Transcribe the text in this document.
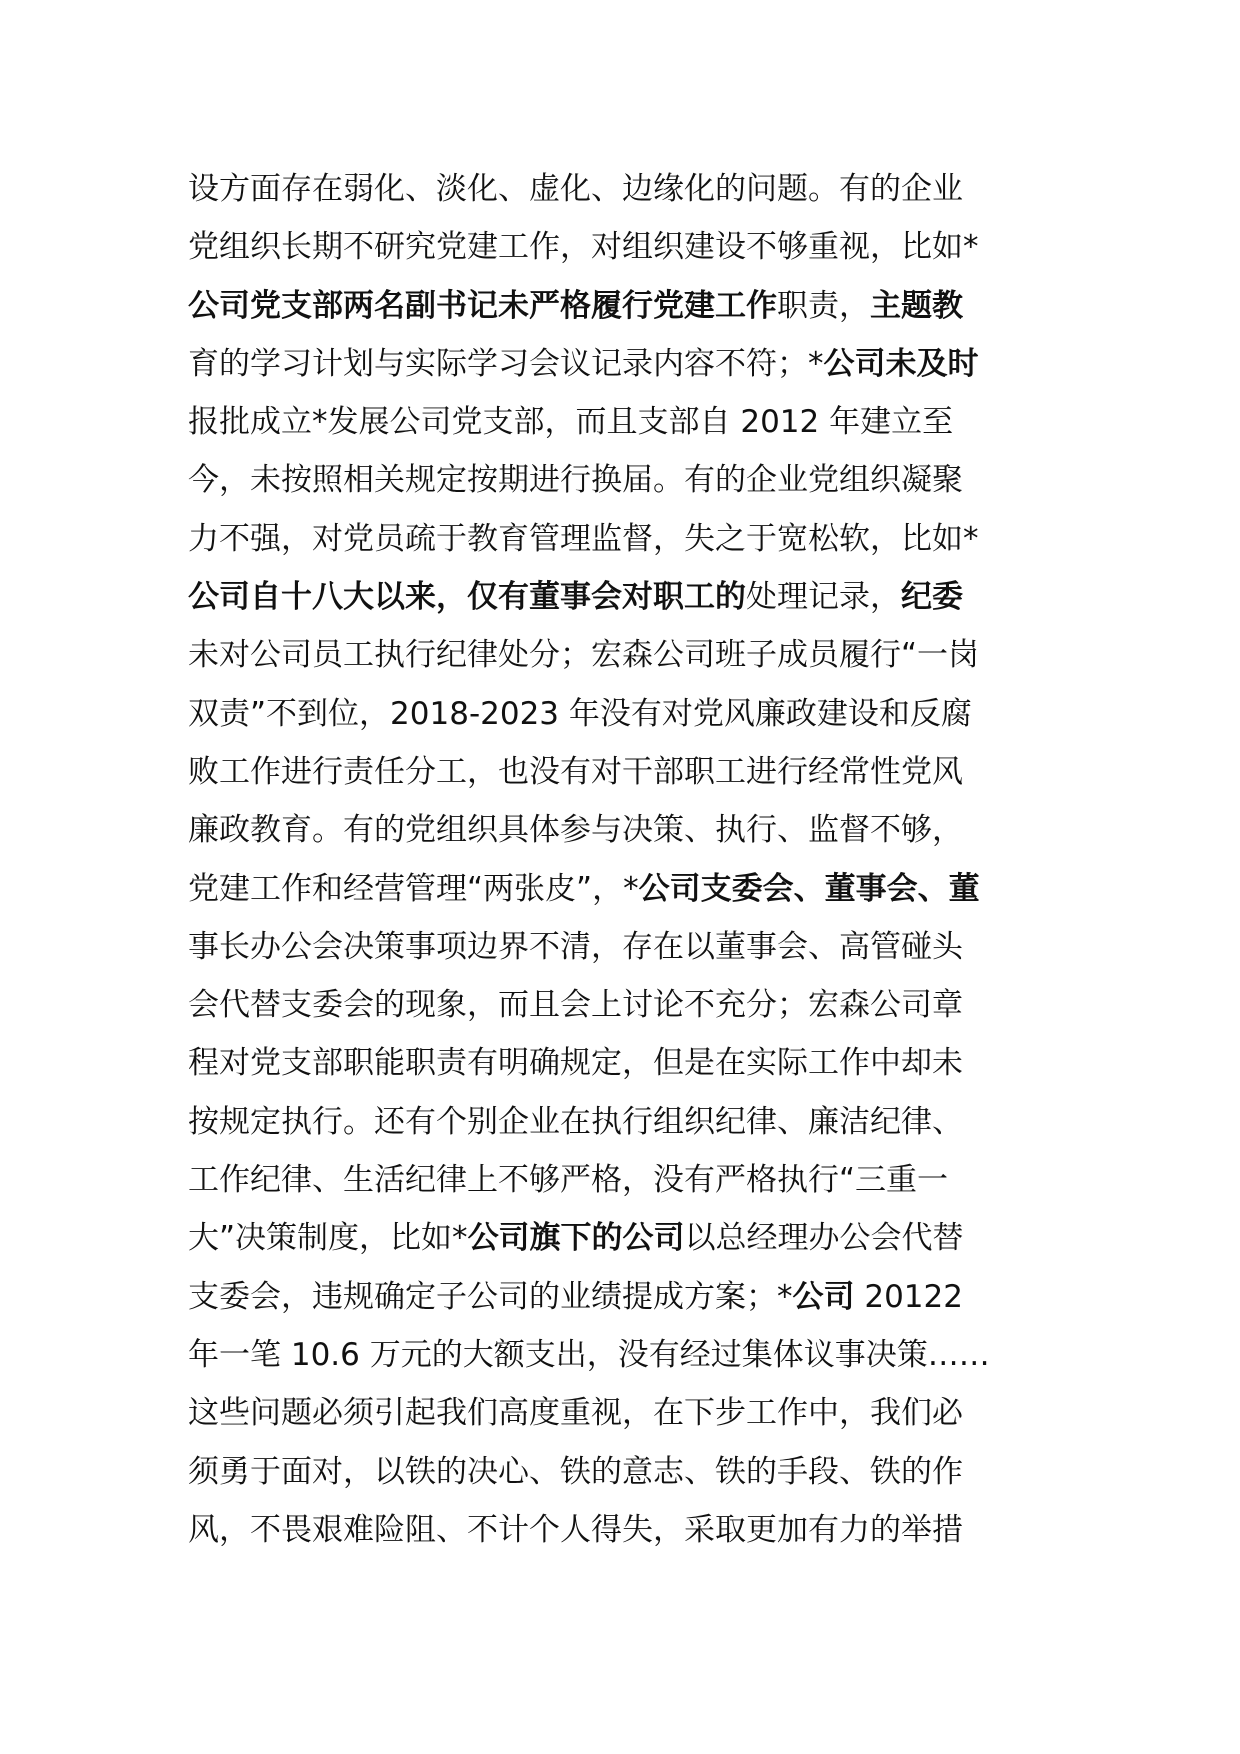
设方面存在弱化、淡化、虚化、边缘化的问题。有的企业
党组织长期不研究党建工作，对组织建设不够重视，比如*
公司党支部两名副书记未严格履行党建工作职责，主题教
育的学习计划与实际学习会议记录内容不符；*公司未及时
报批成立*发展公司党支部，而且支部自 2012 年建立至
今，未按照相关规定按期进行换届。有的企业党组织凝聚
力不强，对党员疏于教育管理监督，失之于宽松软，比如*
公司自十八大以来，仅有董事会对职工的处理记录，纪委
未对公司员工执行纪律处分；宏森公司班子成员履行“一岗
双责”不到位，2018-2023 年没有对党风廉政建设和反腐
败工作进行责任分工，也没有对干部职工进行经常性党风
廉政教育。有的党组织具体参与决策、执行、监督不够，
党建工作和经营管理“两张皮”，*公司支委会、董事会、董
事长办公会决策事项边界不清，存在以董事会、高管碰头
会代替支委会的现象，而且会上讨论不充分；宏森公司章
程对党支部职能职责有明确规定，但是在实际工作中却未
按规定执行。还有个别企业在执行组织纪律、廉洁纪律、
工作纪律、生活纪律上不够严格，没有严格执行“三重一
大”决策制度，比如*公司旗下的公司以总经理办公会代替
支委会，违规确定子公司的业绩提成方案；*公司 20122
年一笔 10.6 万元的大额支出，没有经过集体议事决策……
这些问题必须引起我们高度重视，在下步工作中，我们必
须勇于面对，以铁的决心、铁的意志、铁的手段、铁的作
风，不畏艰难险阻、不计个人得失，采取更加有力的举措
